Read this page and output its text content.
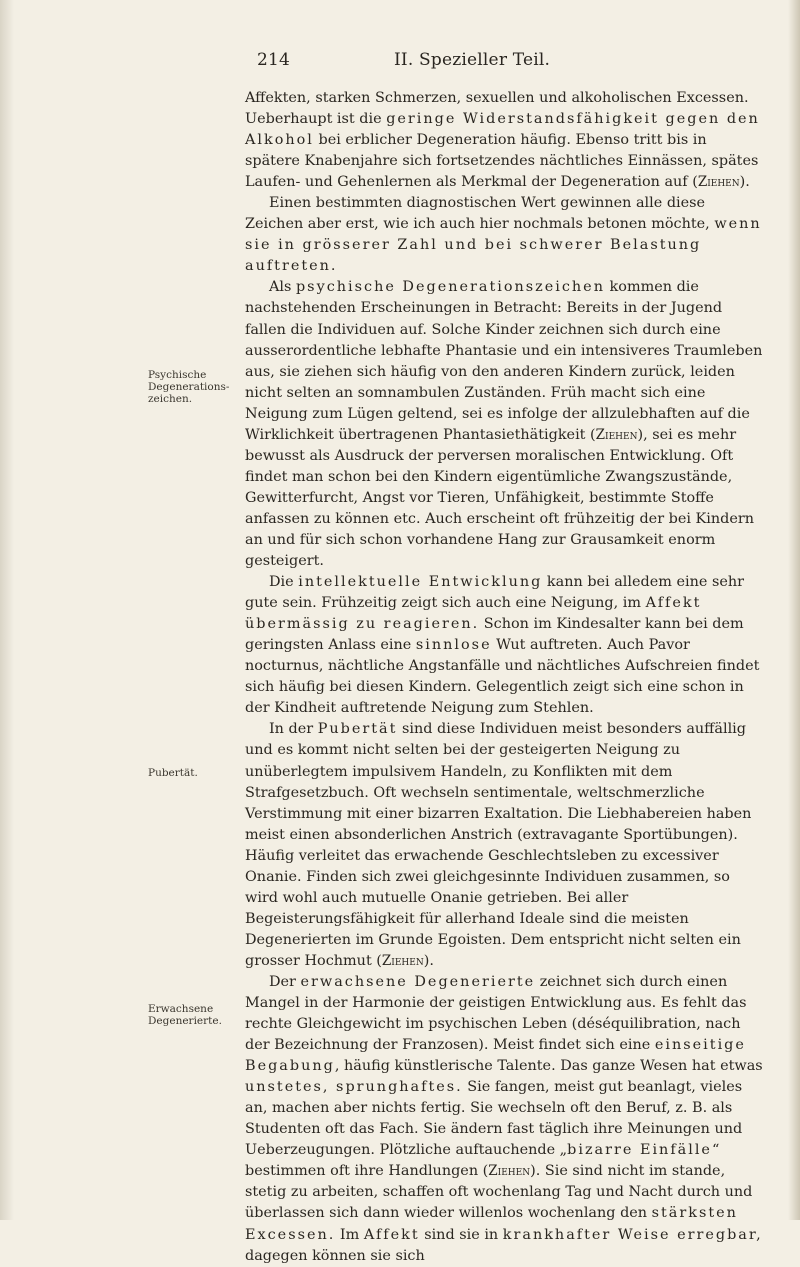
214	II. Spezieller Teil.
Psychische Degenerations-zeichen.
Pubertät.
Erwachsene Degenerierte.

Affekten, starken Schmerzen, sexuellen und alkoholischen Excessen. Ueberhaupt ist die geringe Widerstandsfähigkeit gegen den Alkohol bei erblicher Degeneration häufig. Ebenso tritt bis in spätere Knabenjahre sich fortsetzendes nächtliches Einnässen, spätes Laufen- und Gehenlernen als Merkmal der Degeneration auf (Ziehen).

Einen bestimmten diagnostischen Wert gewinnen alle diese Zeichen aber erst, wie ich auch hier nochmals betonen möchte, wenn sie in grösserer Zahl und bei schwerer Belastung auftreten.

Als psychische Degenerationszeichen kommen die nachstehenden Erscheinungen in Betracht: Bereits in der Jugend fallen die Individuen auf. Solche Kinder zeichnen sich durch eine ausserordentliche lebhafte Phantasie und ein intensiveres Traumleben aus, sie ziehen sich häufig von den anderen Kindern zurück, leiden nicht selten an somnambulen Zuständen. Früh macht sich eine Neigung zum Lügen geltend, sei es infolge der allzulebhaften auf die Wirklichkeit übertragenen Phantasiethätigkeit (Ziehen), sei es mehr bewusst als Ausdruck der perversen moralischen Entwicklung. Oft findet man schon bei den Kindern eigentümliche Zwangszustände, Gewitterfurcht, Angst vor Tieren, Unfähigkeit, bestimmte Stoffe anfassen zu können etc. Auch erscheint oft frühzeitig der bei Kindern an und für sich schon vorhandene Hang zur Grausamkeit enorm gesteigert.

Die intellektuelle Entwicklung kann bei alledem eine sehr gute sein. Frühzeitig zeigt sich auch eine Neigung, im Affekt übermässig zu reagieren. Schon im Kindesalter kann bei dem geringsten Anlass eine sinnlose Wut auftreten. Auch Pavor nocturnus, nächtliche Angstanfälle und nächtliches Aufschreien findet sich häufig bei diesen Kindern. Gelegentlich zeigt sich eine schon in der Kindheit auftretende Neigung zum Stehlen.

In der Pubertät sind diese Individuen meist besonders auffällig und es kommt nicht selten bei der gesteigerten Neigung zu unüberlegtem impulsivem Handeln, zu Konflikten mit dem Strafgesetzbuch. Oft wechseln sentimentale, weltschmerzliche Verstimmung mit einer bizarren Exaltation. Die Liebhabereien haben meist einen absonderlichen Anstrich (extravagante Sportübungen). Häufig verleitet das erwachende Geschlechtsleben zu excessiver Onanie. Finden sich zwei gleichgesinnte Individuen zusammen, so wird wohl auch mutuelle Onanie getrieben. Bei aller Begeisterungsfähigkeit für allerhand Ideale sind die meisten Degenerierten im Grunde Egoisten. Dem entspricht nicht selten ein grosser Hochmut (Ziehen).

Der erwachsene Degenerierte zeichnet sich durch einen Mangel in der Harmonie der geistigen Entwicklung aus. Es fehlt das rechte Gleichgewicht im psychischen Leben (déséquilibration, nach der Bezeichnung der Franzosen). Meist findet sich eine einseitige Begabung, häufig künstlerische Talente. Das ganze Wesen hat etwas unstetes, sprunghaftes. Sie fangen, meist gut beanlagt, vieles an, machen aber nichts fertig. Sie wechseln oft den Beruf, z. B. als Studenten oft das Fach. Sie ändern fast täglich ihre Meinungen und Ueberzeugungen. Plötzliche auftauchende „bizarre Einfälle“ bestimmen oft ihre Handlungen (Ziehen). Sie sind nicht im stande, stetig zu arbeiten, schaffen oft wochenlang Tag und Nacht durch und überlassen sich dann wieder willenlos wochenlang den stärksten Excessen. Im Affekt sind sie in krankhafter Weise erregbar, dagegen können sie sich
